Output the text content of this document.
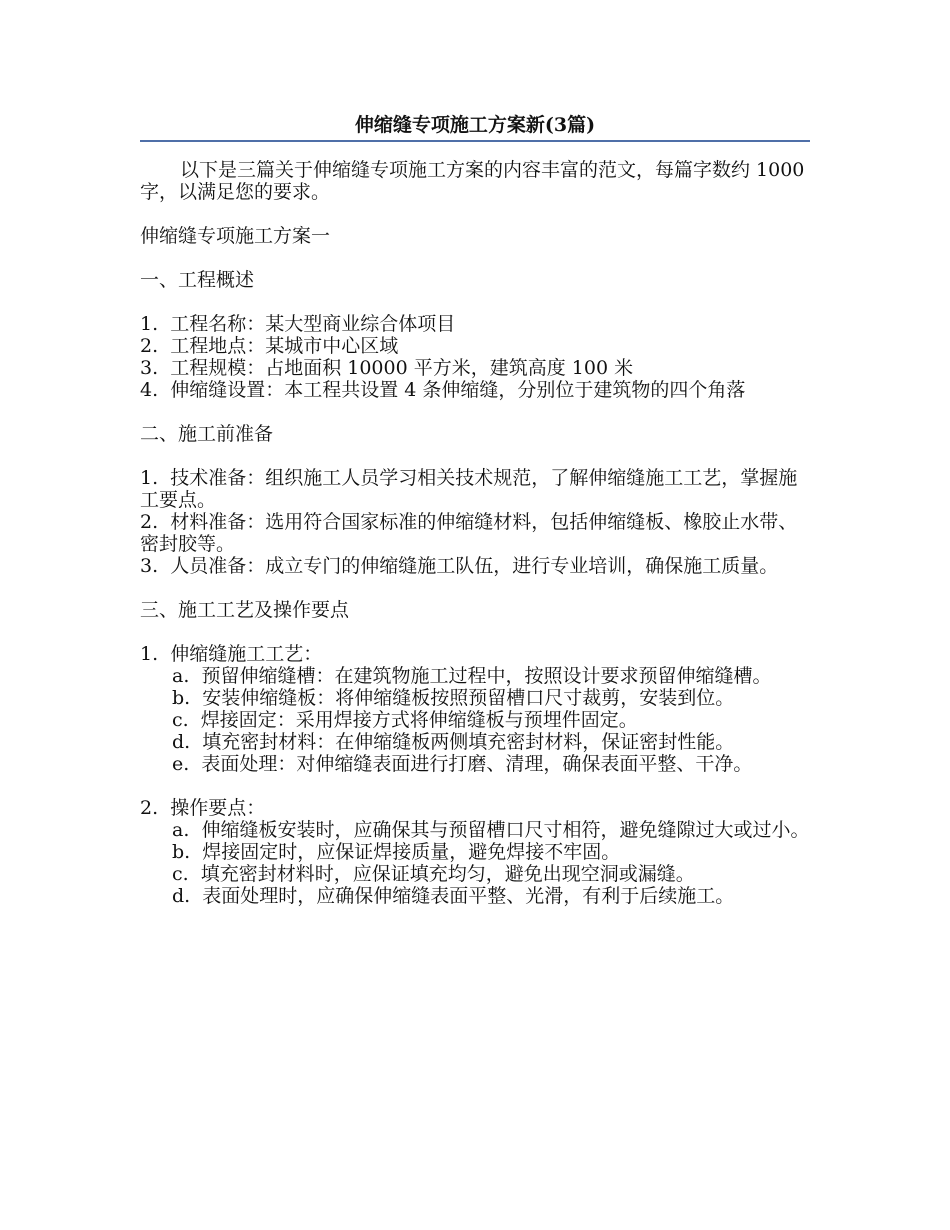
伸缩缝专项施工方案新(3篇)

以下是三篇关于伸缩缝专项施工方案的内容丰富的范文，每篇字数约 1000 字，以满足您的要求。

伸缩缝专项施工方案一

一、工程概述

1.  工程名称：某大型商业综合体项目

2.  工程地点：某城市中心区域

3.  工程规模：占地面积 10000 平方米，建筑高度 100 米

4.  伸缩缝设置：本工程共设置 4 条伸缩缝，分别位于建筑物的四个角落

二、施工前准备

1.  技术准备：组织施工人员学习相关技术规范，了解伸缩缝施工工艺，掌握施工要点。

2.  材料准备：选用符合国家标准的伸缩缝材料，包括伸缩缝板、橡胶止水带、密封胶等。

3.  人员准备：成立专门的伸缩缝施工队伍，进行专业培训，确保施工质量。

三、施工工艺及操作要点

1.  伸缩缝施工工艺：

a.  预留伸缩缝槽：在建筑物施工过程中，按照设计要求预留伸缩缝槽。

b.  安装伸缩缝板：将伸缩缝板按照预留槽口尺寸裁剪，安装到位。

c.  焊接固定：采用焊接方式将伸缩缝板与预埋件固定。

d.  填充密封材料：在伸缩缝板两侧填充密封材料，保证密封性能。

e.  表面处理：对伸缩缝表面进行打磨、清理，确保表面平整、干净。

2.  操作要点：

a.  伸缩缝板安装时，应确保其与预留槽口尺寸相符，避免缝隙过大或过小。

b.  焊接固定时，应保证焊接质量，避免焊接不牢固。

c.  填充密封材料时，应保证填充均匀，避免出现空洞或漏缝。

d.  表面处理时，应确保伸缩缝表面平整、光滑，有利于后续施工。
